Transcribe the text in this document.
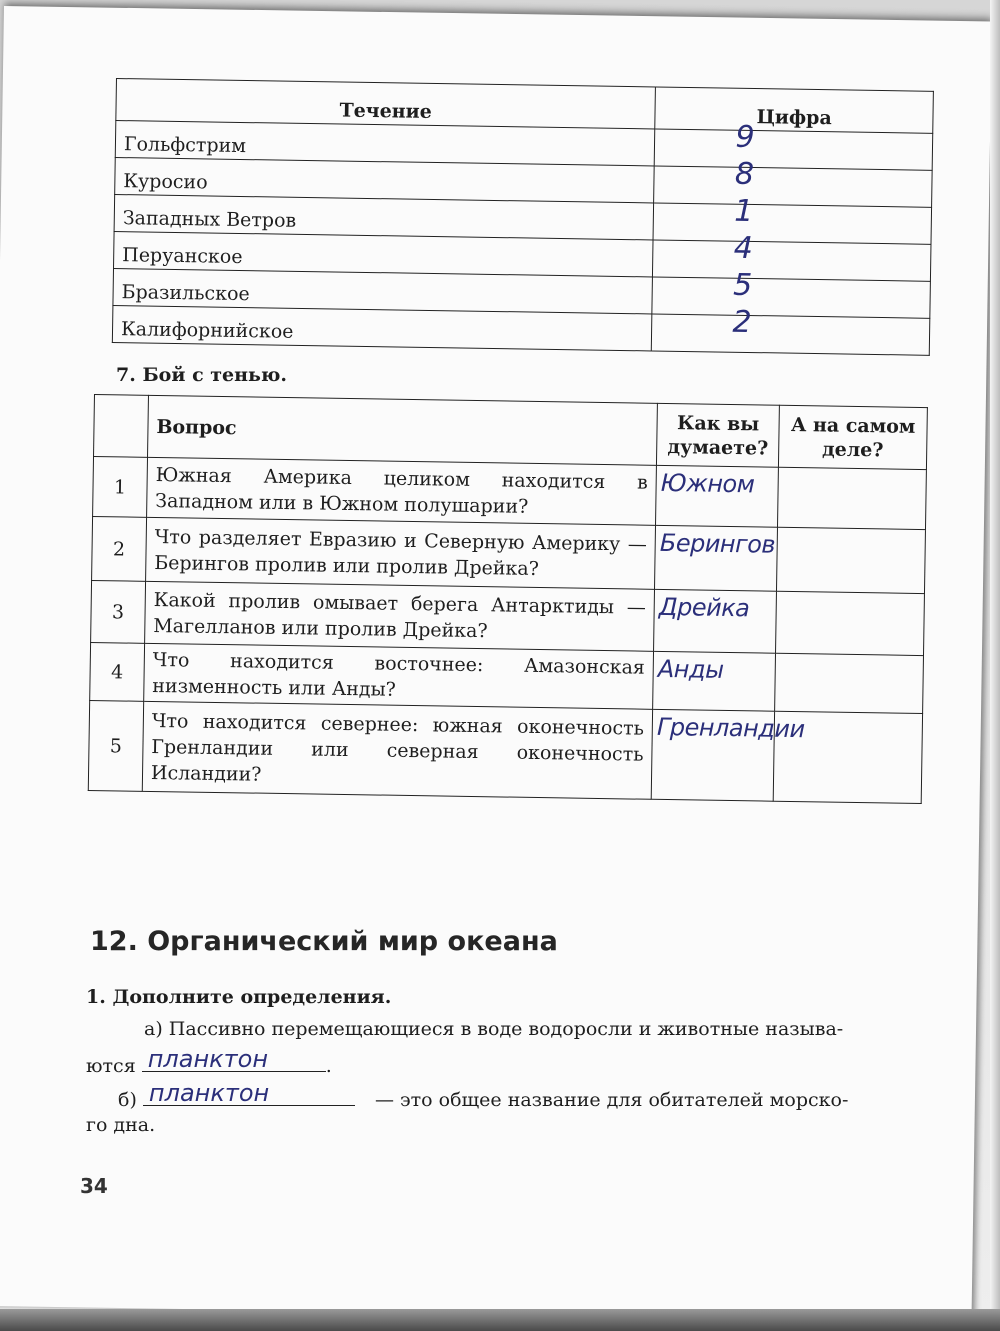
Течение	Цифра
Гольфстрим	9

Куросио	8

Западных Ветров	1

Перуанское	4

Бразильское	5

Калифорнийское	2
7. Бой с тенью.
	Вопрос	Как вы думаете?	А на самом деле?
1	Южная Америка целиком находится в Западном или в Южном полушарии?	Южном	

2	Что разделяет Евразию и Северную Америку — Берингов пролив или пролив Дрейка?	Берингов	

3	Какой пролив омывает берега Антарктиды — Магелланов или пролив Дрейка?	Дрейка	

4	Что находится восточнее: Амазонская низменность или Анды?	Анды	

5	Что находится севернее: южная оконечность Гренландии или северная оконечность Исландии?	Гренландии	

12. Органический мир океана
1. Дополните определения.
а) Пассивно перемещающиеся в воде водоросли и животные называ-
ются планктон	.
б) планктон	— это общее название для обитателей морско-
го дна.
34
